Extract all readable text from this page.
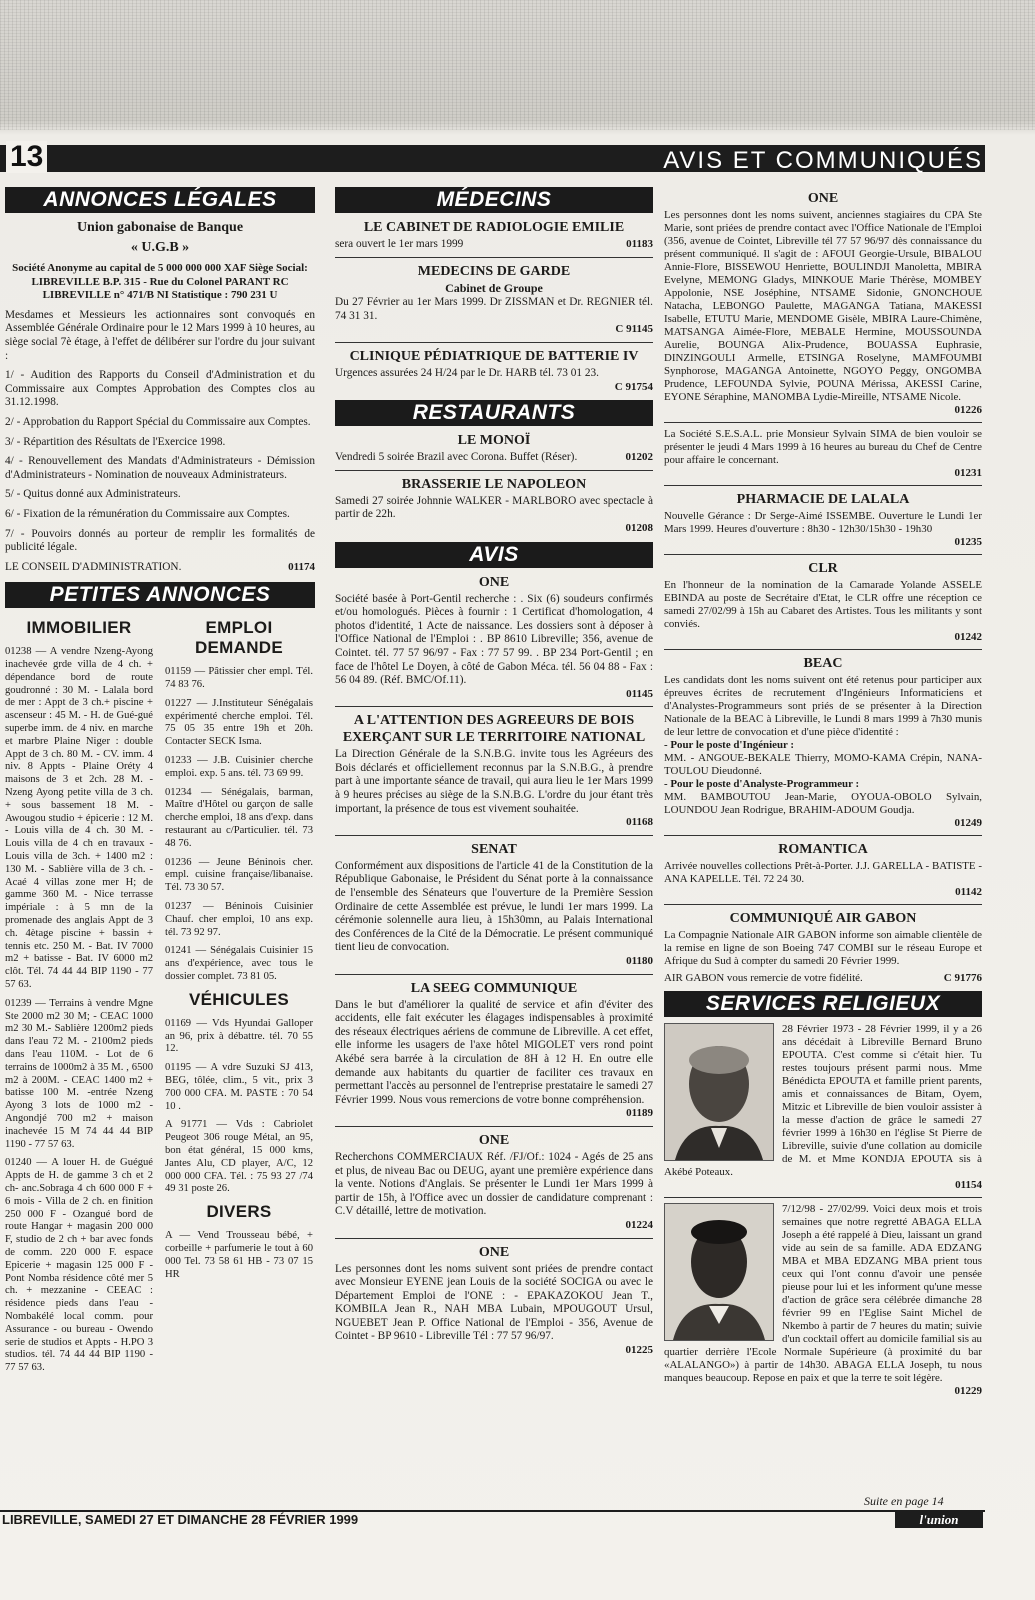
13	AVIS ET COMMUNIQUÉS
ANNONCES LÉGALES
Union gabonaise de Banque
« U.G.B »

Société Anonyme au capital de 5 000 000 000 XAF Siège Social: LIBREVILLE B.P. 315 - Rue du Colonel PARANT RC LIBREVILLE n° 471/B NI Statistique : 790 231 U

Mesdames et Messieurs les actionnaires sont convoqués en Assemblée Générale Ordinaire pour le 12 Mars 1999 à 10 heures, au siège social 7è étage, à l'effet de délibérer sur l'ordre du jour suivant :

1/ - Audition des Rapports du Conseil d'Administration et du Commissaire aux Comptes Approbation des Comptes clos au 31.12.1998.

2/ - Approbation du Rapport Spécial du Commissaire aux Comptes.

3/ - Répartition des Résultats de l'Exercice 1998.

4/ - Renouvellement des Mandats d'Administrateurs - Démission d'Administrateurs - Nomination de nouveaux Administrateurs.

5/ - Quitus donné aux Administrateurs.

6/ - Fixation de la rémunération du Commissaire aux Comptes.

7/ - Pouvoirs donnés au porteur de remplir les formalités de publicité légale.

LE CONSEIL D'ADMINISTRATION.	01174
PETITES ANNONCES
IMMOBILIER

01238 — A vendre Nzeng-Ayong inachevée grde villa de 4 ch. + dépendance bord de route goudronné : 30 M. - Lalala bord de mer : Appt de 3 ch.+ piscine + ascenseur : 45 M. - H. de Gué-gué superbe imm. de 4 niv. en marche et marbre Plaine Niger : double Appt de 3 ch. 80 M. - CV. imm. 4 niv. 8 Appts - Plaine Oréty 4 maisons de 3 et 2ch. 28 M. - Nzeng Ayong petite villa de 3 ch. + sous bassement 18 M. - Awougou studio + épicerie : 12 M. - Louis villa de 4 ch. 30 M. - Louis villa de 4 ch en travaux - Louis villa de 3ch. + 1400 m2 : 130 M. - Sablière villa de 3 ch. - Acaé 4 villas zone mer H; de gamme 360 M. - Nice terrasse impériale : à 5 mn de la promenade des anglais Appt de 3 ch. 4ètage piscine + bassin + tennis etc. 250 M. - Bat. IV 7000 m2 + batisse - Bat. IV 6000 m2 clôt. Tél. 74 44 44 BIP 1190 - 77 57 63.

01239 — Terrains à vendre Mgne Ste 2000 m2 30 M; - CEAC 1000 m2 30 M.- Sablière 1200m2 pieds dans l'eau 72 M. - 2100m2 pieds dans l'eau 110M. - Lot de 6 terrains de 1000m2 à 35 M. , 6500 m2 à 200M. - CEAC 1400 m2 + batisse 100 M. -entrée Nzeng Ayong 3 lots de 1000 m2 - Angondjé 700 m2 + maison inachevée 15 M 74 44 44 BIP 1190 - 77 57 63.

01240 — A louer H. de Guégué Appts de H. de gamme 3 ch et 2 ch- anc.Sobraga 4 ch 600 000 F + 6 mois - Villa de 2 ch. en finition 250 000 F - Ozangué bord de route Hangar + magasin 200 000 F, studio de 2 ch + bar avec fonds de comm. 220 000 F. espace Epicerie + magasin 125 000 F - Pont Nomba résidence côté mer 5 ch. + mezzanine - CEEAC : résidence pieds dans l'eau - Nombakélé local comm. pour Assurance - ou bureau - Owendo serie de studios et Appts - H.PO 3 studios. tél. 74 44 44 BIP 1190 - 77 57 63.

EMPLOI DEMANDE

01159 — Pâtissier cher empl. Tél. 74 83 76.

01227 — J.Instituteur Sénégalais expérimenté cherche emploi. Tél. 75 05 35 entre 19h et 20h. Contacter SECK Isma.

01233 — J.B. Cuisinier cherche emploi. exp. 5 ans. tél. 73 69 99.

01234 — Sénégalais, barman, Maître d'Hôtel ou garçon de salle cherche emploi, 18 ans d'exp. dans restaurant au c/Particulier. tél. 73 48 76.

01236 — Jeune Béninois cher. empl. cuisine française/libanaise. Tél. 73 30 57.

01237 — Béninois Cuisinier Chauf. cher emploi, 10 ans exp. tél. 73 92 97.

01241 — Sénégalais Cuisinier 15 ans d'expérience, avec tous le dossier complet. 73 81 05.

VÉHICULES

01169 — Vds Hyundai Galloper an 96, prix à débattre. tél. 70 55 12.

01195 — A vdre Suzuki SJ 413, BEG, tôlée, clim., 5 vit., prix 3 700 000 CFA. M. PASTE : 70 54 10 .

A 91771 — Vds : Cabriolet Peugeot 306 rouge Métal, an 95, bon état général, 15 000 kms, Jantes Alu, CD player, A/C, 12 000 000 CFA. Tél. : 75 93 27 /74 49 31 poste 26.

DIVERS

A — Vend Trousseau bébé, + corbeille + parfumerie le tout à 60 000 Tel. 73 58 61 HB - 73 07 15 HR

MÉDECINS
LE CABINET DE RADIOLOGIE EMILIE
sera ouvert le 1er mars 1999	01183
MEDECINS DE GARDE
Cabinet de Groupe

Du 27 Février au 1er Mars 1999. Dr ZISSMAN et Dr. REGNIER tél. 74 31 31.

C 91145
CLINIQUE PÉDIATRIQUE DE BATTERIE IV

Urgences assurées 24 H/24 par le Dr. HARB tél. 73 01 23.

C 91754
RESTAURANTS
LE MONOÏ
Vendredi 5 soirée Brazil avec Corona. Buffet (Réser).	01202
BRASSERIE LE NAPOLEON

Samedi 27 soirée Johnnie WALKER - MARLBORO avec spectacle à partir de 22h.

01208
AVIS
ONE

Société basée à Port-Gentil recherche : . Six (6) soudeurs confirmés et/ou homologués. Pièces à fournir : 1 Certificat d'homologation, 4 photos d'identité, 1 Acte de naissance. Les dossiers sont à déposer à l'Office National de l'Emploi : . BP 8610 Libreville; 356, avenue de Cointet. tél. 77 57 96/97 - Fax : 77 57 99. . BP 234 Port-Gentil ; en face de l'hôtel Le Doyen, à côté de Gabon Méca. tél. 56 04 88 - Fax : 56 04 89. (Réf. BMC/Of.11).

01145
A L'ATTENTION DES AGREEURS DE BOIS EXERÇANT SUR LE TERRITOIRE NATIONAL

La Direction Générale de la S.N.B.G. invite tous les Agréeurs des Bois déclarés et officiellement reconnus par la S.N.B.G., à prendre part à une importante séance de travail, qui aura lieu le 1er Mars 1999 à 9 heures précises au siège de la S.N.B.G. L'ordre du jour étant très important, la présence de tous est vivement souhaitée.

01168
SENAT

Conformément aux dispositions de l'article 41 de la Constitution de la République Gabonaise, le Président du Sénat porte à la connaissance de l'ensemble des Sénateurs que l'ouverture de la Première Session Ordinaire de cette Assemblée est prévue, le lundi 1er mars 1999. La cérémonie solennelle aura lieu, à 15h30mn, au Palais International des Conférences de la Cité de la Démocratie. Le présent communiqué tient lieu de convocation.

01180
LA SEEG COMMUNIQUE

Dans le but d'améliorer la qualité de service et afin d'éviter des accidents, elle fait exécuter les élagages indispensables à proximité des réseaux électriques aériens de commune de Libreville. A cet effet, elle informe les usagers de l'axe hôtel MIGOLET vers rond point Akébé sera barrée à la circulation de 8H à 12 H. En outre elle demande aux habitants du quartier de faciliter ces travaux en permettant l'accès au personnel de l'entreprise prestataire le samedi 27 Février 1999. Nous vous remercions de votre bonne compréhension.

01189
ONE

Recherchons COMMERCIAUX Réf. /FJ/Of.: 1024 - Agés de 25 ans et plus, de niveau Bac ou DEUG, ayant une première expérience dans la vente. Notions d'Anglais. Se présenter le Lundi 1er Mars 1999 à partir de 15h, à l'Office avec un dossier de candidature comprenant : C.V détaillé, lettre de motivation.

01224
ONE

Les personnes dont les noms suivent sont priées de prendre contact avec Monsieur EYENE jean Louis de la société SOCIGA ou avec le Département Emploi de l'ONE : - EPAKAZOKOU Jean T., KOMBILA Jean R., NAH MBA Lubain, MPOUGOUT Ursul, NGUEBET Jean P. Office National de l'Emploi - 356, Avenue de Cointet - BP 9610 - Libreville Tél : 77 57 96/97.

01225
ONE

Les personnes dont les noms suivent, anciennes stagiaires du CPA Ste Marie, sont priées de prendre contact avec l'Office Nationale de l'Emploi (356, avenue de Cointet, Libreville tél 77 57 96/97 dès connaissance du présent communiqué. Il s'agit de : AFOUI Georgie-Ursule, BIBALOU Annie-Flore, BISSEWOU Henriette, BOULINDJI Manoletta, MBIRA Evelyne, MEMONG Gladys, MINKOUE Marie Thérèse, MOMBEY Appolonie, NSE Joséphine, NTSAME Sidonie, GNONCHOUE Natacha, LEBONGO Paulette, MAGANGA Tatiana, MAKESSI Isabelle, ETUTU Marie, MENDOME Gisèle, MBIRA Laure-Chimène, MATSANGA Aimée-Flore, MEBALE Hermine, MOUSSOUNDA Aurelie, BOUNGA Alix-Prudence, BOUASSA Euphrasie, DINZINGOULI Armelle, ETSINGA Roselyne, MAMFOUMBI Synphorose, MAGANGA Antoinette, NGOYO Peggy, ONGOMBA Prudence, LEFOUNDA Sylvie, POUNA Mérissa, AKESSI Carine, EYONE Séraphine, MANOMBA Lydie-Mireille, NTSAME Nicole.

01226

La Société S.E.S.A.L. prie Monsieur Sylvain SIMA de bien vouloir se présenter le jeudi 4 Mars 1999 à 16 heures au bureau du Chef de Centre pour affaire le concernant.

01231
PHARMACIE DE LALALA

Nouvelle Gérance : Dr Serge-Aimé ISSEMBE. Ouverture le Lundi 1er Mars 1999. Heures d'ouverture : 8h30 - 12h30/15h30 - 19h30

01235
CLR

En l'honneur de la nomination de la Camarade Yolande ASSELE EBINDA au poste de Secrétaire d'Etat, le CLR offre une réception ce samedi 27/02/99 à 15h au Cabaret des Artistes. Tous les militants y sont conviés.

01242
BEAC

Les candidats dont les noms suivent ont été retenus pour participer aux épreuves écrites de recrutement d'Ingénieurs Informaticiens et d'Analystes-Programmeurs sont priés de se présenter à la Direction Nationale de la BEAC à Libreville, le Lundi 8 mars 1999 à 7h30 munis de leur lettre de convocation et d'une pièce d'identité :

- Pour le poste d'Ingénieur :

MM. - ANGOUE-BEKALE Thierry, MOMO-KAMA Crépin, NANA-TOULOU Dieudonné.

- Pour le poste d'Analyste-Programmeur :

MM. BAMBOUTOU Jean-Marie, OYOUA-OBOLO Sylvain, LOUNDOU Jean Rodrigue, BRAHIM-ADOUM Goudja.

01249
ROMANTICA

Arrivée nouvelles collections Prêt-à-Porter. J.J. GARELLA - BATISTE - ANA KAPELLE. Tél. 72 24 30.

01142
COMMUNIQUÉ AIR GABON

La Compagnie Nationale AIR GABON informe son aimable clientèle de la remise en ligne de son Boeing 747 COMBI sur le réseau Europe et Afrique du Sud à compter du samedi 20 Février 1999.

AIR GABON vous remercie de votre fidélité.	C 91776
SERVICES RELIGIEUX

28 Février 1973 - 28 Février 1999, il y a 26 ans décédait à Libreville Bernard Bruno EPOUTA. C'est comme si c'était hier. Tu restes toujours présent parmi nous. Mme Bénédicta EPOUTA et famille prient parents, amis et connaissances de Bitam, Oyem, Mitzic et Libreville de bien vouloir assister à la messe d'action de grâce le samedi 27 février 1999 à 16h30 en l'église St Pierre de Libreville, suivie d'une collation au domicile de M. et Mme KONDJA EPOUTA sis à Akébé Poteaux.

01154

7/12/98 - 27/02/99. Voici deux mois et trois semaines que notre regretté ABAGA ELLA Joseph a été rappelé à Dieu, laissant un grand vide au sein de sa famille. ADA EDZANG MBA et MBA EDZANG MBA prient tous ceux qui l'ont connu d'avoir une pensée pieuse pour lui et les informent qu'une messe d'action de grâce sera célébrée dimanche 28 février 99 en l'Eglise Saint Michel de Nkembo à partir de 7 heures du matin; suivie d'un cocktail offert au domicile familial sis au quartier derrière l'Ecole Normale Supérieure (à proximité du bar «ALALANGO») à partir de 14h30. ABAGA ELLA Joseph, tu nous manques beaucoup. Repose en paix et que la terre te soit légère.

01229
Suite en page 14
LIBREVILLE, SAMEDI 27 ET DIMANCHE 28 FÉVRIER 1999	l'union
